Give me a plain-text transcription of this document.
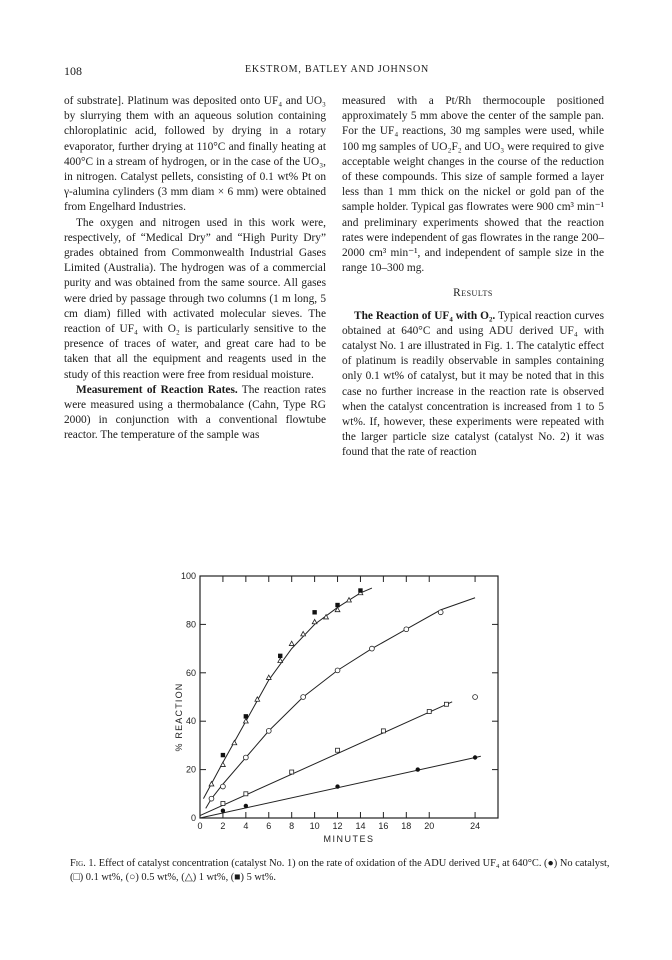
108	EKSTROM, BATLEY AND JOHNSON

of substrate]. Platinum was deposited onto UF₄ and UO₃ by slurrying them with an aqueous solution containing chloroplatinic acid, followed by drying in a rotary evaporator, further drying at 110°C and finally heating at 400°C in a stream of hydrogen, or in the case of the UO₃, in nitrogen. Catalyst pellets, consisting of 0.1 wt% Pt on γ-alumina cylinders (3 mm diam × 6 mm) were obtained from Engelhard Industries.

The oxygen and nitrogen used in this work were, respectively, of “Medical Dry” and “High Purity Dry” grades obtained from Commonwealth Industrial Gases Limited (Australia). The hydrogen was of a commercial purity and was obtained from the same source. All gases were dried by passage through two columns (1 m long, 5 cm diam) filled with activated molecular sieves. The reaction of UF₄ with O₂ is particularly sensitive to the presence of traces of water, and great care had to be taken that all the equipment and reagents used in the study of this reaction were free from residual moisture.

Measurement of Reaction Rates. The reaction rates were measured using a thermobalance (Cahn, Type RG 2000) in conjunction with a conventional flowtube reactor. The temperature of the sample was

measured with a Pt/Rh thermocouple positioned approximately 5 mm above the center of the sample pan. For the UF₄ reactions, 30 mg samples were used, while 100 mg samples of UO₂F₂ and UO₃ were required to give acceptable weight changes in the course of the reduction of these compounds. This size of sample formed a layer less than 1 mm thick on the nickel or gold pan of the sample holder. Typical gas flowrates were 900 cm³ min⁻¹ and preliminary experiments showed that the reaction rates were independent of gas flowrates in the range 200–2000 cm³ min⁻¹, and independent of sample size in the range 10–300 mg.

Results

The Reaction of UF₄ with O₂. Typical reaction curves obtained at 640°C and using ADU derived UF₄ with catalyst No. 1 are illustrated in Fig. 1. The catalytic effect of platinum is readily observable in samples containing only 0.1 wt% of catalyst, but it may be noted that in this case no further increase in the reaction rate is observed when the catalyst concentration is increased from 1 to 5 wt%. If, however, these experiments were repeated with the larger particle size catalyst (catalyst No. 2) it was found that the rate of reaction

0 2 4 6 8 10 12 14 16 18 20	24
0
20
40
60
80
100
MINUTES
% REACTION
Fig. 1. Effect of catalyst concentration (catalyst No. 1) on the rate of oxidation of the ADU derived UF₄ at 640°C. (●) No catalyst, (□) 0.1 wt%, (○) 0.5 wt%, (△) 1 wt%, (■) 5 wt%.
